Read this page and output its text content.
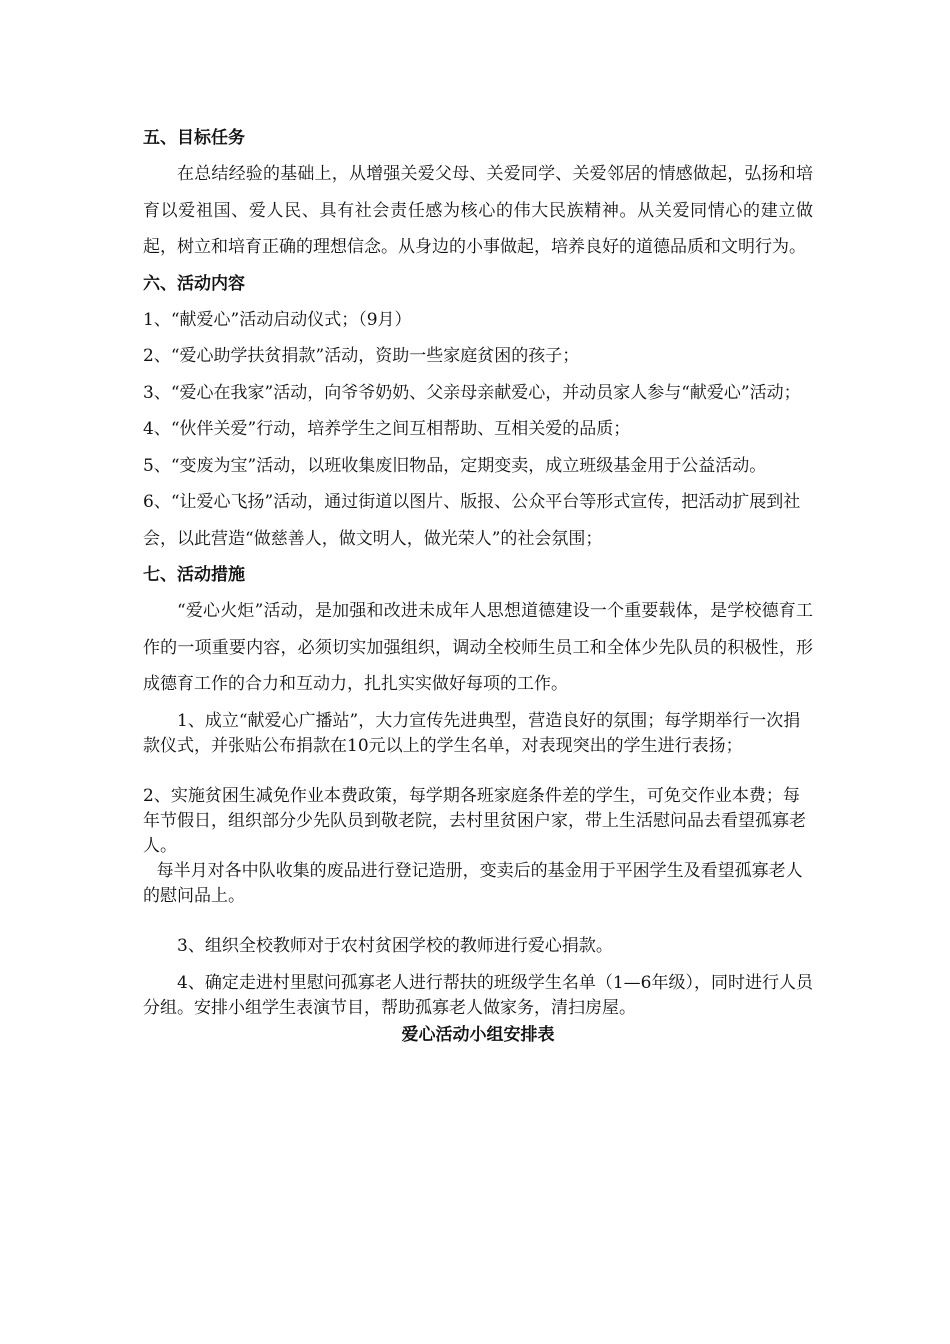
五、目标任务

在总结经验的基础上，从增强关爱父母、关爱同学、关爱邻居的情感做起，弘扬和培育以爱祖国、爱人民、具有社会责任感为核心的伟大民族精神。从关爱同情心的建立做起，树立和培育正确的理想信念。从身边的小事做起，培养良好的道德品质和文明行为。

六、活动内容

1、“献爱心”活动启动仪式；（9月）

2、“爱心助学扶贫捐款”活动，资助一些家庭贫困的孩子；

3、“爱心在我家”活动，向爷爷奶奶、父亲母亲献爱心，并动员家人参与“献爱心”活动；

4、“伙伴关爱”行动，培养学生之间互相帮助、互相关爱的品质；

5、“变废为宝”活动，以班收集废旧物品，定期变卖，成立班级基金用于公益活动。

6、“让爱心飞扬”活动，通过街道以图片、版报、公众平台等形式宣传，把活动扩展到社会，以此营造“做慈善人，做文明人，做光荣人”的社会氛围；

七、活动措施

“爱心火炬”活动，是加强和改进未成年人思想道德建设一个重要载体，是学校德育工作的一项重要内容，必须切实加强组织，调动全校师生员工和全体少先队员的积极性，形成德育工作的合力和互动力，扎扎实实做好每项的工作。

1、成立“献爱心广播站”，大力宣传先进典型，营造良好的氛围；每学期举行一次捐款仪式，并张贴公布捐款在10元以上的学生名单，对表现突出的学生进行表扬；

2、实施贫困生减免作业本费政策，每学期各班家庭条件差的学生，可免交作业本费；每年节假日，组织部分少先队员到敬老院，去村里贫困户家，带上生活慰问品去看望孤寡老人。

每半月对各中队收集的废品进行登记造册，变卖后的基金用于平困学生及看望孤寡老人的慰问品上。

3、组织全校教师对于农村贫困学校的教师进行爱心捐款。

4、确定走进村里慰问孤寡老人进行帮扶的班级学生名单（1—6年级），同时进行人员分组。安排小组学生表演节目，帮助孤寡老人做家务，清扫房屋。

爱心活动小组安排表
